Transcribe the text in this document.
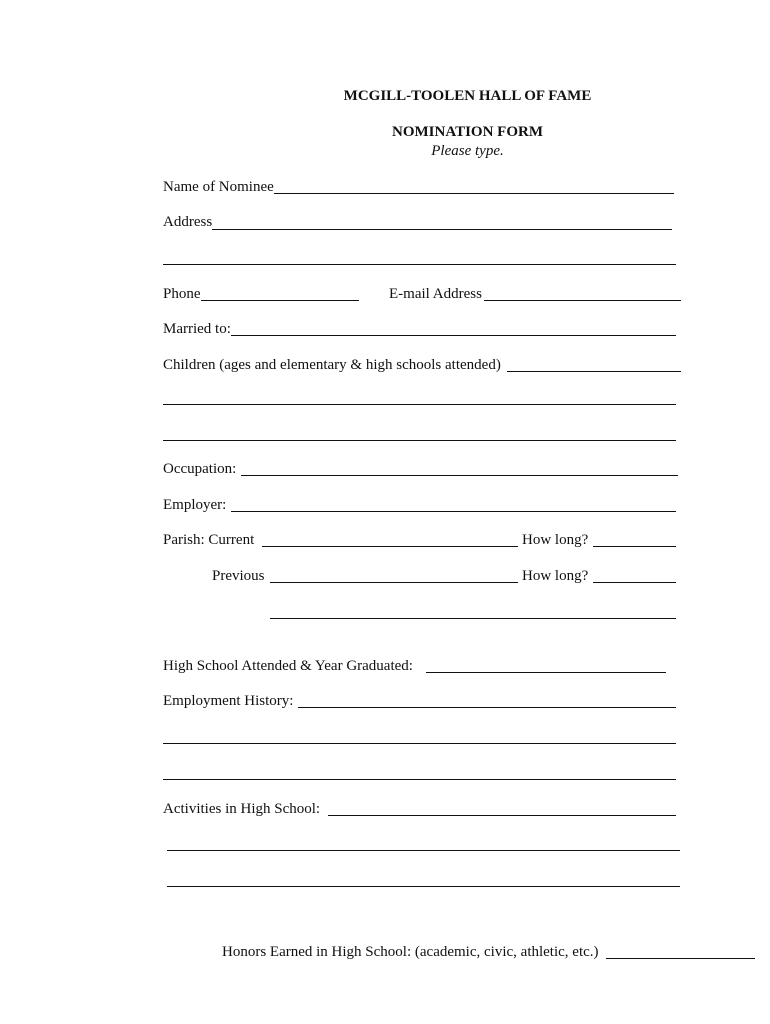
MCGILL-TOOLEN HALL OF FAME
NOMINATION FORM
Please type.
Name of Nominee
Address
Phone	E-mail Address
Married to:
Children (ages and elementary & high schools attended)
Occupation:
Employer:
Parish: Current	How long?
Previous	How long?
High School Attended & Year Graduated:
Employment History:
Activities in High School:
Honors Earned in High School: (academic, civic, athletic, etc.)
